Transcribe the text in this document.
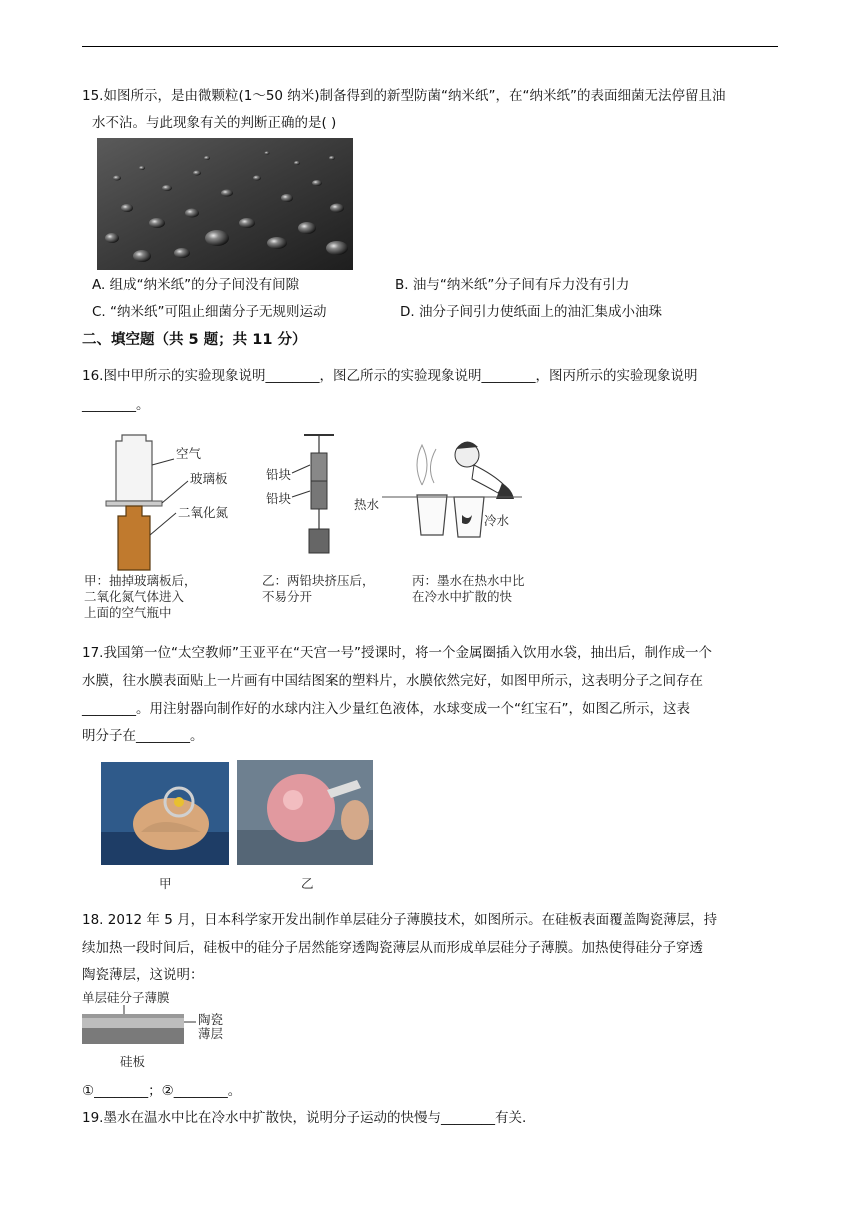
15.如图所示，是由微颗粒(1～50 纳米)制备得到的新型防菌“纳米纸”，在“纳米纸”的表面细菌无法停留且油
水不沾。与此现象有关的判断正确的是( )
A. 组成“纳米纸”的分子间没有间隙	B. 油与“纳米纸”分子间有斥力没有引力
C. “纳米纸”可阻止细菌分子无规则运动	D. 油分子间引力使纸面上的油汇集成小油珠
二、填空题（共 5 题；共 11 分）
16.图中甲所示的实验现象说明________，图乙所示的实验现象说明________，图丙所示的实验现象说明
________。
空气
玻璃板
二氧化氮
甲：抽掉玻璃板后，
二氧化氮气体进入
上面的空气瓶中
铅块
铅块
乙：两铅块挤压后，
不易分开
热水
冷水
丙：墨水在热水中比
在冷水中扩散的快
17.我国第一位“太空教师”王亚平在“天宫一号”授课时，将一个金属圈插入饮用水袋，抽出后，制作成一个
水膜，往水膜表面贴上一片画有中国结图案的塑料片，水膜依然完好，如图甲所示，这表明分子之间存在
________。用注射器向制作好的水球内注入少量红色液体，水球变成一个“红宝石”，如图乙所示，这表
明分子在________。
甲	乙
18. 2012 年 5 月，日本科学家开发出制作单层硅分子薄膜技术，如图所示。在硅板表面覆盖陶瓷薄层，持
续加热一段时间后，硅板中的硅分子居然能穿透陶瓷薄层从而形成单层硅分子薄膜。加热使得硅分子穿透
陶瓷薄层，这说明：
单层硅分子薄膜
陶瓷
薄层
硅板
①________；②________。
19.墨水在温水中比在冷水中扩散快，说明分子运动的快慢与________有关.
